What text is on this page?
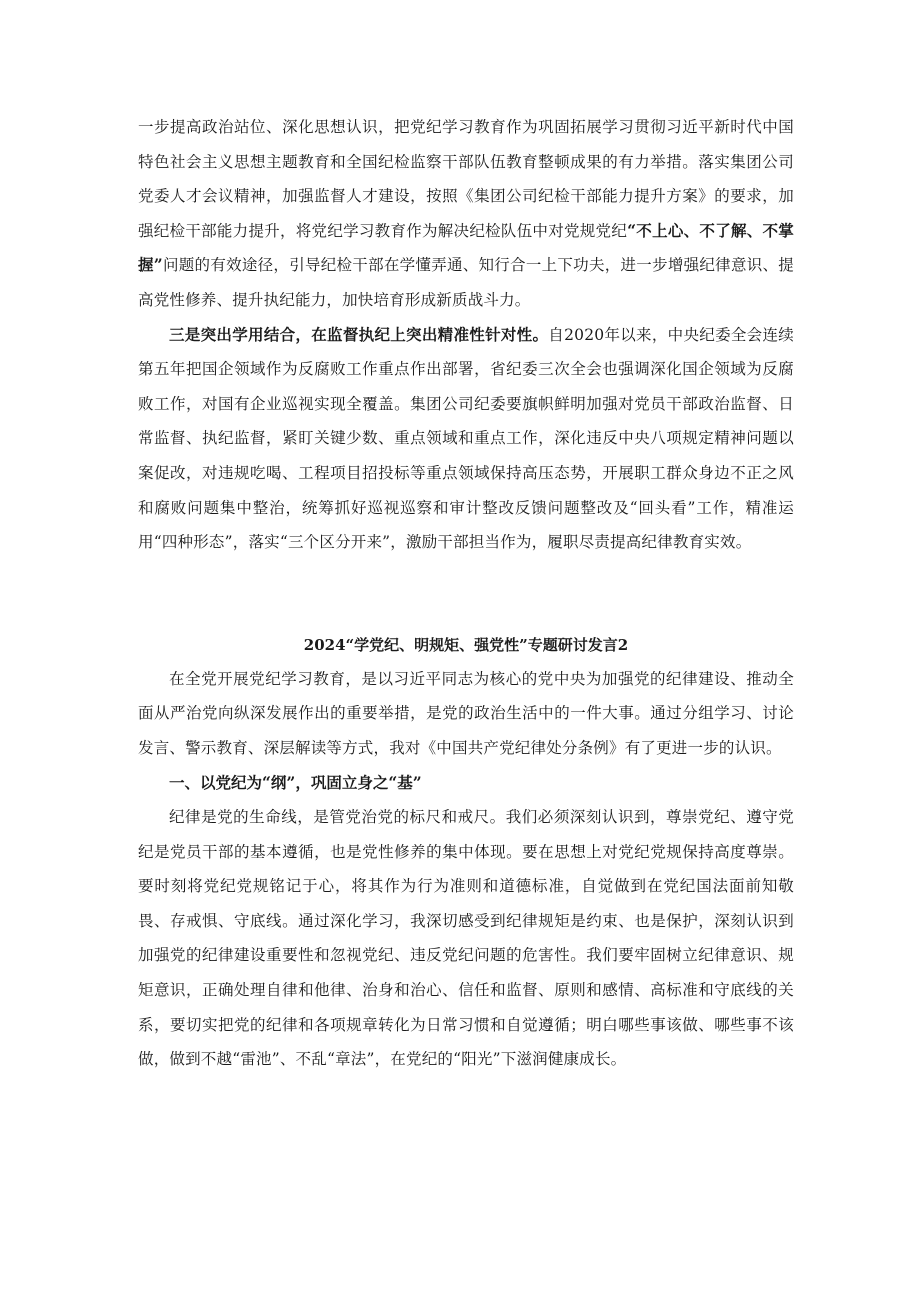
一步提高政治站位、深化思想认识，把党纪学习教育作为巩固拓展学习贯彻习近平新时代中国特色社会主义思想主题教育和全国纪检监察干部队伍教育整顿成果的有力举措。落实集团公司党委人才会议精神，加强监督人才建设，按照《集团公司纪检干部能力提升方案》的要求，加强纪检干部能力提升，将党纪学习教育作为解决纪检队伍中对党规党纪“不上心、不了解、不掌握”问题的有效途径，引导纪检干部在学懂弄通、知行合一上下功夫，进一步增强纪律意识、提高党性修养、提升执纪能力，加快培育形成新质战斗力。

三是突出学用结合，在监督执纪上突出精准性针对性。自2020年以来，中央纪委全会连续第五年把国企领域作为反腐败工作重点作出部署，省纪委三次全会也强调深化国企领域为反腐败工作，对国有企业巡视实现全覆盖。集团公司纪委要旗帜鲜明加强对党员干部政治监督、日常监督、执纪监督，紧盯关键少数、重点领域和重点工作，深化违反中央八项规定精神问题以案促改，对违规吃喝、工程项目招投标等重点领域保持高压态势，开展职工群众身边不正之风和腐败问题集中整治，统筹抓好巡视巡察和审计整改反馈问题整改及“回头看”工作，精准运用“四种形态”，落实“三个区分开来”，激励干部担当作为，履职尽责提高纪律教育实效。

2024“学党纪、明规矩、强党性”专题研讨发言2

在全党开展党纪学习教育，是以习近平同志为核心的党中央为加强党的纪律建设、推动全面从严治党向纵深发展作出的重要举措，是党的政治生活中的一件大事。通过分组学习、讨论发言、警示教育、深层解读等方式，我对《中国共产党纪律处分条例》有了更进一步的认识。

一、以党纪为“纲”，巩固立身之“基”

纪律是党的生命线，是管党治党的标尺和戒尺。我们必须深刻认识到，尊崇党纪、遵守党纪是党员干部的基本遵循，也是党性修养的集中体现。要在思想上对党纪党规保持高度尊崇。要时刻将党纪党规铭记于心，将其作为行为准则和道德标准，自觉做到在党纪国法面前知敬畏、存戒惧、守底线。通过深化学习，我深切感受到纪律规矩是约束、也是保护，深刻认识到加强党的纪律建设重要性和忽视党纪、违反党纪问题的危害性。我们要牢固树立纪律意识、规矩意识，正确处理自律和他律、治身和治心、信任和监督、原则和感情、高标准和守底线的关系，要切实把党的纪律和各项规章转化为日常习惯和自觉遵循；明白哪些事该做、哪些事不该做，做到不越“雷池”、不乱“章法”，在党纪的“阳光”下滋润健康成长。
